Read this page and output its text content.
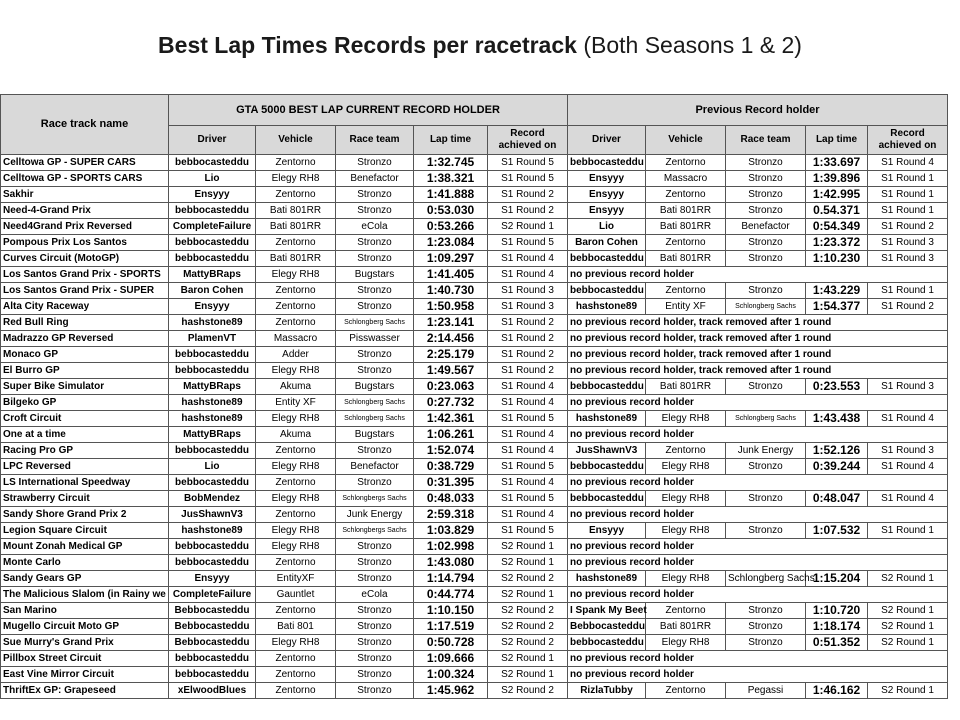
Best Lap Times Records per racetrack (Both Seasons 1 & 2)
Race track name	GTA 5000 BEST LAP CURRENT RECORD HOLDER					Previous Record holder				
	Driver	Vehicle	Race team	Lap time	Record achieved on	Driver	Vehicle	Race team	Lap time	Record achieved on
Celltowa GP - SUPER CARS	bebbocasteddu	Zentorno	Stronzo	1:32.745	S1 Round 5	bebbocasteddu	Zentorno	Stronzo	1:33.697	S1 Round 4
Celltowa GP - SPORTS CARS	Lio	Elegy RH8	Benefactor	1:38.321	S1 Round 5	Ensyyy	Massacro	Stronzo	1:39.896	S1 Round 1
Sakhir	Ensyyy	Zentorno	Stronzo	1:41.888	S1 Round 2	Ensyyy	Zentorno	Stronzo	1:42.995	S1 Round 1
Need-4-Grand Prix	bebbocasteddu	Bati 801RR	Stronzo	0:53.030	S1 Round 2	Ensyyy	Bati 801RR	Stronzo	0.54.371	S1 Round 1
Need4Grand Prix Reversed	CompleteFailure	Bati 801RR	eCola	0:53.266	S2 Round 1	Lio	Bati 801RR	Benefactor	0:54.349	S1 Round 2
Pompous Prix Los Santos	bebbocasteddu	Zentorno	Stronzo	1:23.084	S1 Round 5	Baron Cohen	Zentorno	Stronzo	1:23.372	S1 Round 3
Curves Circuit (MotoGP)	bebbocasteddu	Bati 801RR	Stronzo	1:09.297	S1 Round 4	bebbocasteddu	Bati 801RR	Stronzo	1:10.230	S1 Round 3
Los Santos Grand Prix - SPORTS	MattyBRaps	Elegy RH8	Bugstars	1:41.405	S1 Round 4	no previous record holder				
Los Santos Grand Prix - SUPER	Baron Cohen	Zentorno	Stronzo	1:40.730	S1 Round 3	bebbocasteddu	Zentorno	Stronzo	1:43.229	S1 Round 1
Alta City Raceway	Ensyyy	Zentorno	Stronzo	1:50.958	S1 Round 3	hashstone89	Entity XF	Schlongberg Sachs	1:54.377	S1 Round 2
Red Bull Ring	hashstone89	Zentorno	Schlongberg Sachs	1:23.141	S1 Round 2	no previous record holder, track removed after 1 round				
Madrazzo GP Reversed	PlamenVT	Massacro	Pisswasser	2:14.456	S1 Round 2	no previous record holder, track removed after 1 round				
Monaco GP	bebbocasteddu	Adder	Stronzo	2:25.179	S1 Round 2	no previous record holder, track removed after 1 round				
El Burro GP	bebbocasteddu	Elegy RH8	Stronzo	1:49.567	S1 Round 2	no previous record holder, track removed after 1 round				
Super Bike Simulator	MattyBRaps	Akuma	Bugstars	0:23.063	S1 Round 4	bebbocasteddu	Bati 801RR	Stronzo	0:23.553	S1 Round 3
Bilgeko GP	hashstone89	Entity XF	Schlongberg Sachs	0:27.732	S1 Round 4	no previous record holder				
Croft Circuit	hashstone89	Elegy RH8	Schlongberg Sachs	1:42.361	S1 Round 5	hashstone89	Elegy RH8	Schlongberg Sachs	1:43.438	S1 Round 4
One at a time	MattyBRaps	Akuma	Bugstars	1:06.261	S1 Round 4	no previous record holder				
Racing Pro GP	bebbocasteddu	Zentorno	Stronzo	1:52.074	S1 Round 4	JusShawnV3	Zentorno	Junk Energy	1:52.126	S1 Round 3
LPC Reversed	Lio	Elegy RH8	Benefactor	0:38.729	S1 Round 5	bebbocasteddu	Elegy RH8	Stronzo	0:39.244	S1 Round 4
LS International Speedway	bebbocasteddu	Zentorno	Stronzo	0:31.395	S1 Round 4	no previous record holder				
Strawberry Circuit	BobMendez	Elegy RH8	Schlongbergs Sachs	0:48.033	S1 Round 5	bebbocasteddu	Elegy RH8	Stronzo	0:48.047	S1 Round 4
Sandy Shore Grand Prix 2	JusShawnV3	Zentorno	Junk Energy	2:59.318	S1 Round 4	no previous record holder				
Legion Square Circuit	hashstone89	Elegy RH8	Schlongbergs Sachs	1:03.829	S1 Round 5	Ensyyy	Elegy RH8	Stronzo	1:07.532	S1 Round 1
Mount Zonah Medical GP	bebbocasteddu	Elegy RH8	Stronzo	1:02.998	S2 Round 1	no previous record holder				
Monte Carlo	bebbocasteddu	Zentorno	Stronzo	1:43.080	S2 Round 1	no previous record holder				
Sandy Gears GP	Ensyyy	EntityXF	Stronzo	1:14.794	S2 Round 2	hashstone89	Elegy RH8	Schlongberg Sachs	1:15.204	S2 Round 1
The Malicious Slalom (in Rainy we	CompleteFailure	Gauntlet	eCola	0:44.774	S2 Round 1	no previous record holder				
San Marino	Bebbocasteddu	Zentorno	Stronzo	1:10.150	S2 Round 2	I Spank My Beet	Zentorno	Stronzo	1:10.720	S2 Round 1
Mugello Circuit Moto GP	Bebbocasteddu	Bati 801	Stronzo	1:17.519	S2 Round 2	Bebbocasteddu	Bati 801RR	Stronzo	1:18.174	S2 Round 1
Sue Murry's Grand Prix	Bebbocasteddu	Elegy RH8	Stronzo	0:50.728	S2 Round 2	bebbocasteddu	Elegy RH8	Stronzo	0:51.352	S2 Round 1
Pillbox Street Circuit	bebbocasteddu	Zentorno	Stronzo	1:09.666	S2 Round 1	no previous record holder				
East Vine Mirror Circuit	bebbocasteddu	Zentorno	Stronzo	1:00.324	S2 Round 1	no previous record holder				
ThriftEx GP: Grapeseed	xElwoodBlues	Zentorno	Stronzo	1:45.962	S2 Round 2	RizlaTubby	Zentorno	Pegassi	1:46.162	S2 Round 1
